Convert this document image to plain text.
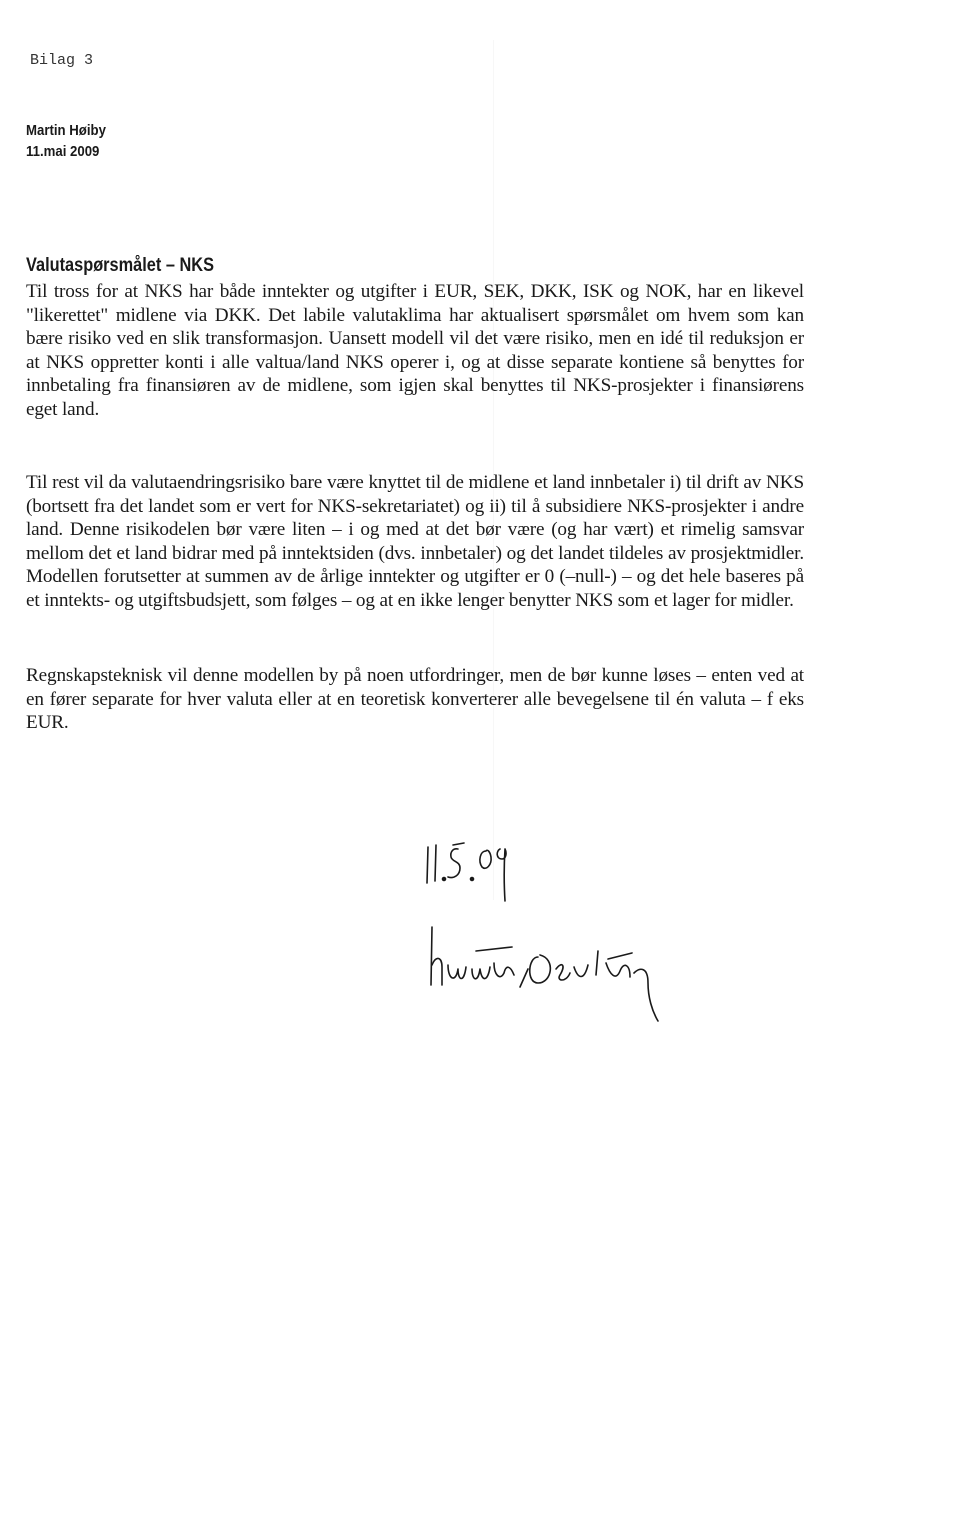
Bilag 3
Martin Høiby
11.mai 2009
Valutaspørsmålet – NKS

Til tross for at NKS har både inntekter og utgifter i EUR, SEK, DKK, ISK og NOK, har en likevel "likerettet" midlene via DKK. Det labile valutaklima har aktualisert spørsmålet om hvem som kan bære risiko ved en slik transformasjon. Uansett modell vil det være risiko, men en idé til reduksjon er at NKS oppretter konti i alle valtua/land NKS operer i, og at disse separate kontiene så benyttes for innbetaling fra finansiøren av de midlene, som igjen skal benyttes til NKS-prosjekter i finansiørens eget land.

Til rest vil da valutaendringsrisiko bare være knyttet til de midlene et land innbetaler i) til drift av NKS (bortsett fra det landet som er vert for NKS-sekretariatet) og ii) til å subsidiere NKS-prosjekter i andre land. Denne risikodelen bør være liten – i og med at det bør være (og har vært) et rimelig samsvar mellom det et land bidrar med på inntektsiden (dvs. innbetaler) og det landet tildeles av prosjektmidler. Modellen forutsetter at summen av de årlige inntekter og utgifter er 0 (–null-) – og det hele baseres på et inntekts- og utgiftsbudsjett, som følges – og at en ikke lenger benytter NKS som et lager for midler.

Regnskapsteknisk vil denne modellen by på noen utfordringer, men de bør kunne løses – enten ved at en fører separate for hver valuta eller at en teoretisk konverterer alle bevegelsene til én valuta – f eks EUR.
